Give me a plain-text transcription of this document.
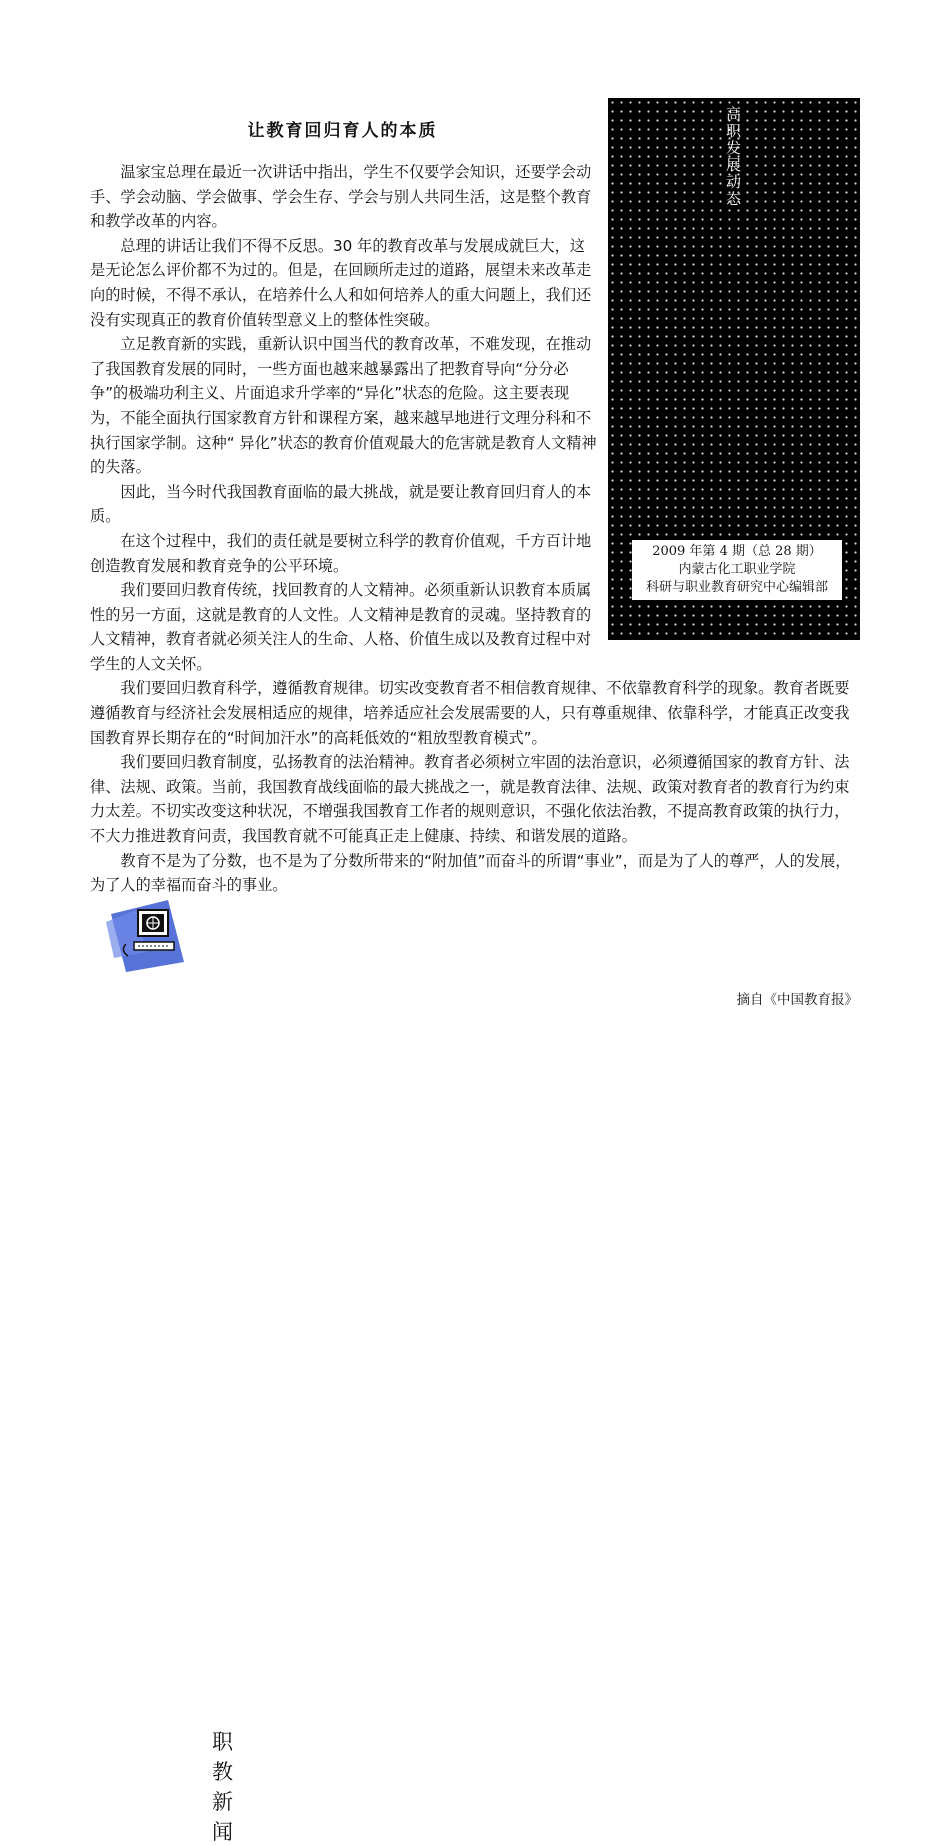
让教育回归育人的本质

温家宝总理在最近一次讲话中指出，学生不仅要学会知识，还要学会动手、学会动脑、学会做事、学会生存、学会与别人共同生活，这是整个教育和教学改革的内容。

总理的讲话让我们不得不反思。30 年的教育改革与发展成就巨大，这是无论怎么评价都不为过的。但是，在回顾所走过的道路，展望未来改革走向的时候，不得不承认，在培养什么人和如何培养人的重大问题上，我们还没有实现真正的教育价值转型意义上的整体性突破。

立足教育新的实践，重新认识中国当代的教育改革，不难发现，在推动了我国教育发展的同时，一些方面也越来越暴露出了把教育导向“分分必争”的极端功利主义、片面追求升学率的“异化”状态的危险。这主要表现为，不能全面执行国家教育方针和课程方案，越来越早地进行文理分科和不执行国家学制。这种“ 异化”状态的教育价值观最大的危害就是教育人文精神的失落。

因此，当今时代我国教育面临的最大挑战，就是要让教育回归育人的本质。

在这个过程中，我们的责任就是要树立科学的教育价值观，千方百计地创造教育发展和教育竞争的公平环境。

我们要回归教育传统，找回教育的人文精神。必须重新认识教育本质属性的另一方面，这就是教育的人文性。人文精神是教育的灵魂。坚持教育的人文精神，教育者就必须关注人的生命、人格、价值生成以及教育过程中对学生的人文关怀。

我们要回归教育科学，遵循教育规律。切实改变教育者不相信教育规律、不依靠教育科学的现象。教育者既要遵循教育与经济社会发展相适应的规律，培养适应社会发展需要的人，只有尊重规律、依靠科学，才能真正改变我国教育界长期存在的“时间加汗水”的高耗低效的“粗放型教育模式”。

我们要回归教育制度，弘扬教育的法治精神。教育者必须树立牢固的法治意识，必须遵循国家的教育方针、法律、法规、政策。当前，我国教育战线面临的最大挑战之一，就是教育法律、法规、政策对教育者的教育行为约束力太差。不切实改变这种状况，不增强我国教育工作者的规则意识，不强化依法治教，不提高教育政策的执行力，不大力推进教育问责，我国教育就不可能真正走上健康、持续、和谐发展的道路。

教育不是为了分数，也不是为了分数所带来的“附加值”而奋斗的所谓“事业”，而是为了人的尊严，人的发展，为了人的幸福而奋斗的事业。

高职发展动态
2009 年第 4 期（总 28 期）
内蒙古化工职业学院
科研与职业教育研究中心编辑部
职教新闻
摘自《中国教育报》
